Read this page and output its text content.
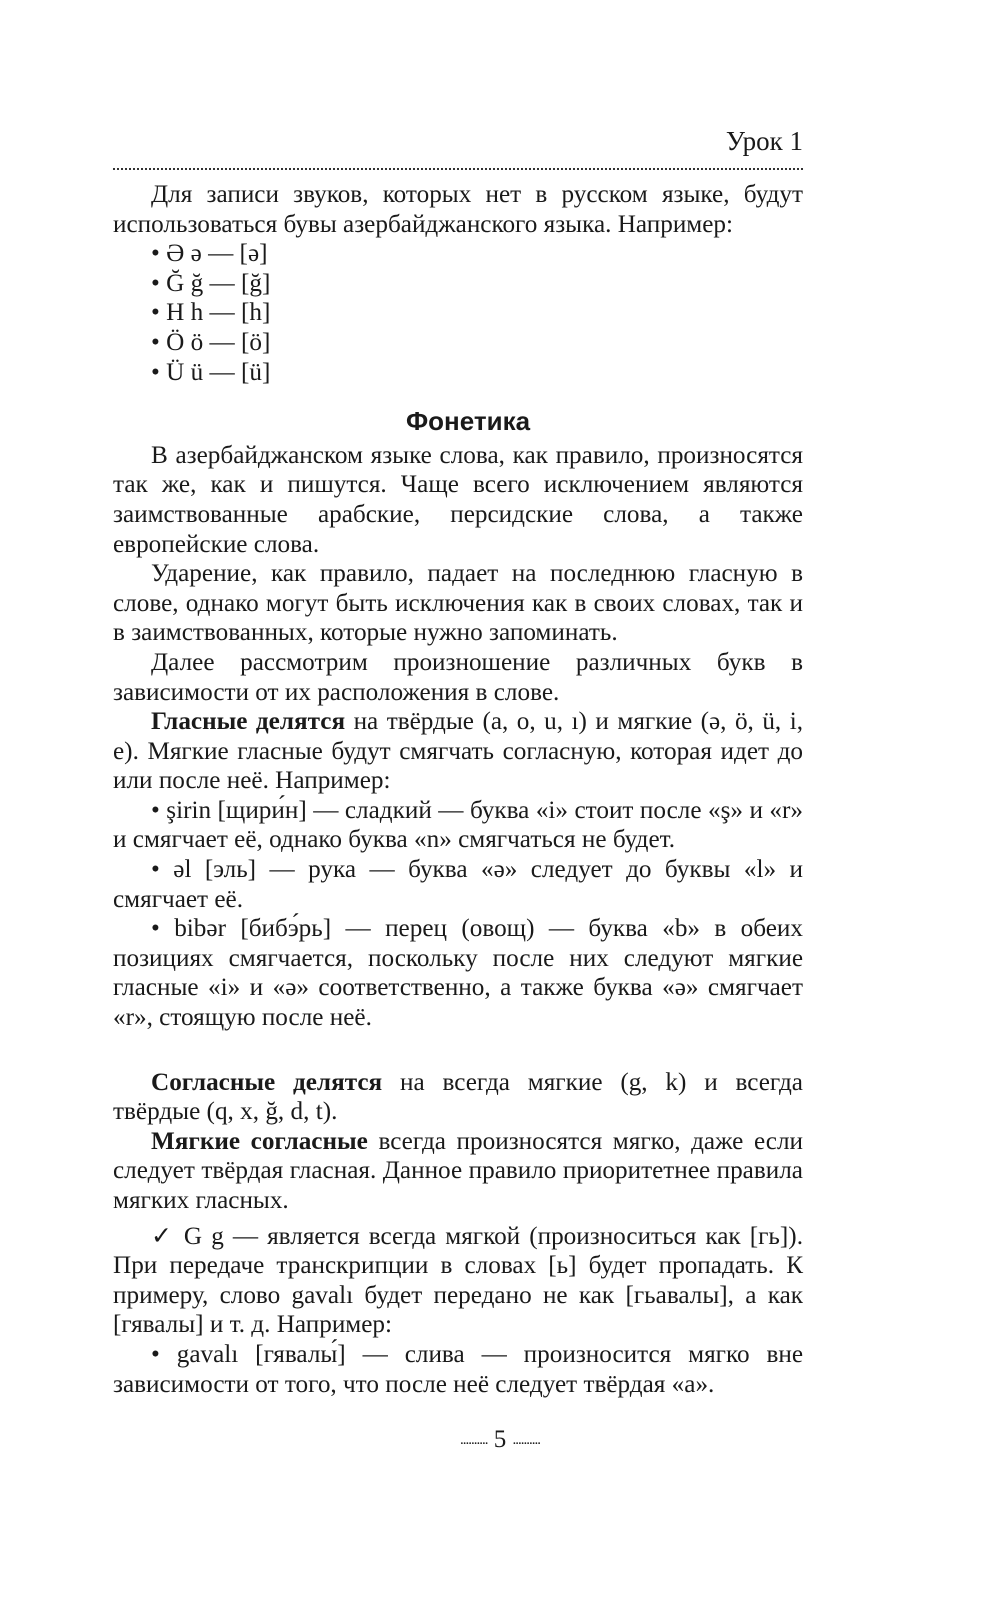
Урок 1

Для записи звуков, которых нет в русском языке, будут использоваться бувы азербайджанского языка. Например:

• Ə ə — [ə]
• Ğ ğ — [ğ]
• H h — [h]
• Ö ö — [ö]
• Ü ü — [ü]
Фонетика

В азербайджанском языке слова, как правило, произносятся так же, как и пишутся. Чаще всего исключением являются заимствованные арабские, персидские слова, а также европейские слова.

Ударение, как правило, падает на последнюю гласную в слове, однако могут быть исключения как в своих словах, так и в заимствованных, которые нужно запоминать.

Далее рассмотрим произношение различных букв в зависимости от их расположения в слове.

Гласные делятся на твёрдые (a, o, u, ı) и мягкие (ə, ö, ü, i, e). Мягкие гласные будут смягчать согласную, которая идет до или после неё. Например:

• şirin [щири́н] — сладкий — буква «i» стоит после «ş» и «r» и смягчает её, однако буква «n» смягчаться не будет.

• əl [эль] — рука — буква «ə» следует до буквы «l» и смягчает её.

• bibər [бибэ́рь] — перец (овощ) — буква «b» в обеих позициях смягчается, поскольку после них следуют мягкие гласные «i» и «ə» соответственно, а также буква «ə» смягчает «r», стоящую после неё.

Согласные делятся на всегда мягкие (g, k) и всегда твёрдые (q, x, ğ, d, t).

Мягкие согласные всегда произносятся мягко, даже если следует твёрдая гласная. Данное правило приоритетнее правила мягких гласных.

✓ G g — является всегда мягкой (произноситься как [гь]). При передаче транскрипции в словах [ь] будет пропадать. К примеру, слово gavalı будет передано не как [гьавалы], а как [гявалы] и т. д. Например:

• gavalı [гявалы́] — слива — произносится мягко вне зависимости от того, что после неё следует твёрдая «a».

.......... 5 ..........
